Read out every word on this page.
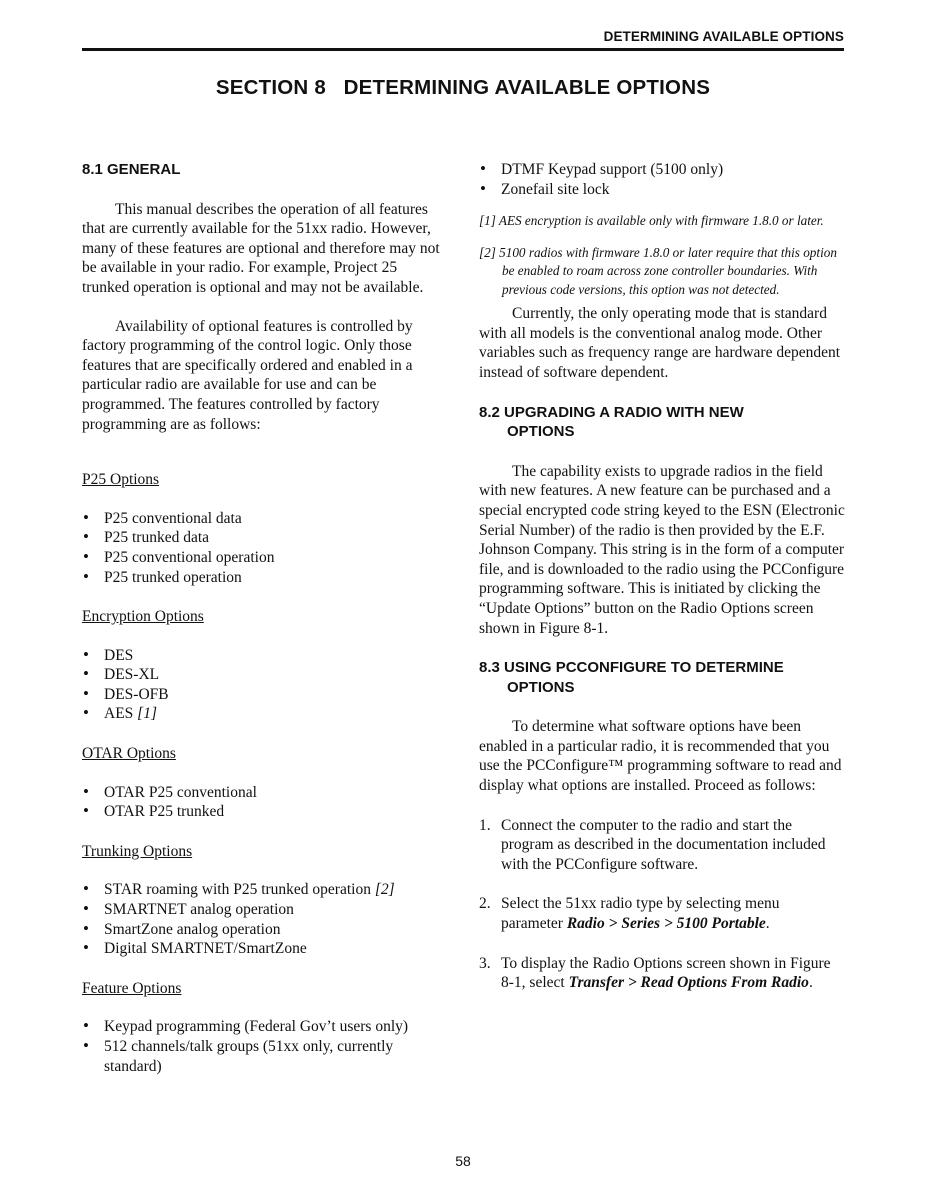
DETERMINING AVAILABLE OPTIONS
SECTION 8   DETERMINING AVAILABLE OPTIONS
8.1 GENERAL

This manual describes the operation of all features that are currently available for the 51xx radio. However, many of these features are optional and therefore may not be available in your radio. For example, Project 25 trunked operation is optional and may not be available.

Availability of optional features is controlled by factory programming of the control logic. Only those features that are specifically ordered and enabled in a particular radio are available for use and can be programmed. The features controlled by factory programming are as follows:

P25 Options

• P25 conventional data
• P25 trunked data
• P25 conventional operation
• P25 trunked operation

Encryption Options

• DES
• DES-XL
• DES-OFB
• AES [1]

OTAR Options

• OTAR P25 conventional
• OTAR P25 trunked

Trunking Options

• STAR roaming with P25 trunked operation [2]
• SMARTNET analog operation
• SmartZone analog operation
• Digital SMARTNET/SmartZone

Feature Options

• Keypad programming (Federal Gov’t users only)
• 512 channels/talk groups (51xx only, currently standard)
• DTMF Keypad support (5100 only)
• Zonefail site lock

[1] AES encryption is available only with firmware 1.8.0 or later.

[2] 5100 radios with firmware 1.8.0 or later require that this option be enabled to roam across zone controller boundaries. With previous code versions, this option was not detected.

Currently, the only operating mode that is standard with all models is the conventional analog mode. Other variables such as frequency range are hardware dependent instead of software dependent.

8.2 UPGRADING A RADIO WITH NEW
OPTIONS

The capability exists to upgrade radios in the field with new features. A new feature can be purchased and a special encrypted code string keyed to the ESN (Electronic Serial Number) of the radio is then provided by the E.F. Johnson Company. This string is in the form of a computer file, and is downloaded to the radio using the PCConfigure programming software. This is initiated by clicking the “Update Options” button on the Radio Options screen shown in Figure 8-1.

8.3 USING PCCONFIGURE TO DETERMINE
OPTIONS

To determine what software options have been enabled in a particular radio, it is recommended that you use the PCConfigure™ programming software to read and display what options are installed. Proceed as follows:

1. Connect the computer to the radio and start the program as described in the documentation included with the PCConfigure software.
2. Select the 51xx radio type by selecting menu parameter Radio > Series > 5100 Portable.
3. To display the Radio Options screen shown in Figure 8-1, select Transfer > Read Options From Radio.
58
